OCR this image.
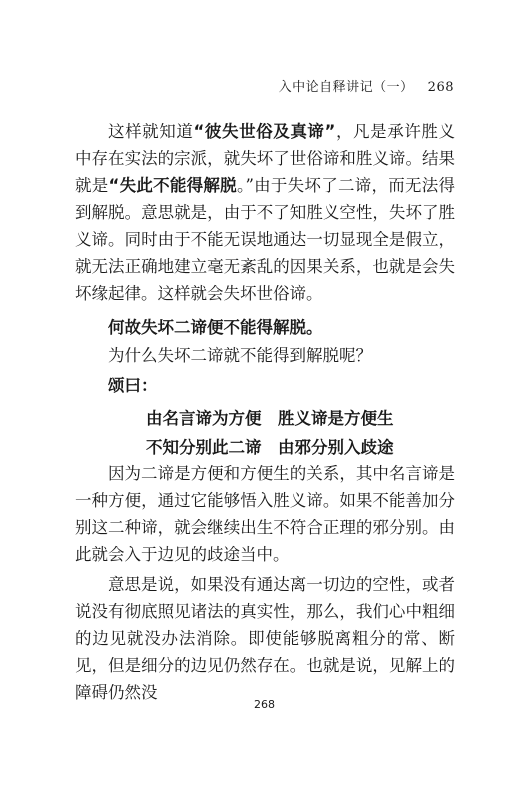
入中论自释讲记（一） 268
这样就知道“彼失世俗及真谛”，凡是承许胜义中存在实法的宗派，就失坏了世俗谛和胜义谛。结果就是“失此不能得解脱。”由于失坏了二谛，而无法得到解脱。意思就是，由于不了知胜义空性，失坏了胜义谛。同时由于不能无误地通达一切显现全是假立，就无法正确地建立毫无紊乱的因果关系，也就是会失坏缘起律。这样就会失坏世俗谛。
何故失坏二谛便不能得解脱。
为什么失坏二谛就不能得到解脱呢？
颂曰：
由名言谛为方便　胜义谛是方便生
不知分别此二谛　由邪分别入歧途
因为二谛是方便和方便生的关系，其中名言谛是一种方便，通过它能够悟入胜义谛。如果不能善加分别这二种谛，就会继续出生不符合正理的邪分别。由此就会入于边见的歧途当中。
意思是说，如果没有通达离一切边的空性，或者说没有彻底照见诸法的真实性，那么，我们心中粗细的边见就没办法消除。即使能够脱离粗分的常、断见，但是细分的边见仍然存在。也就是说，见解上的障碍仍然没
268
